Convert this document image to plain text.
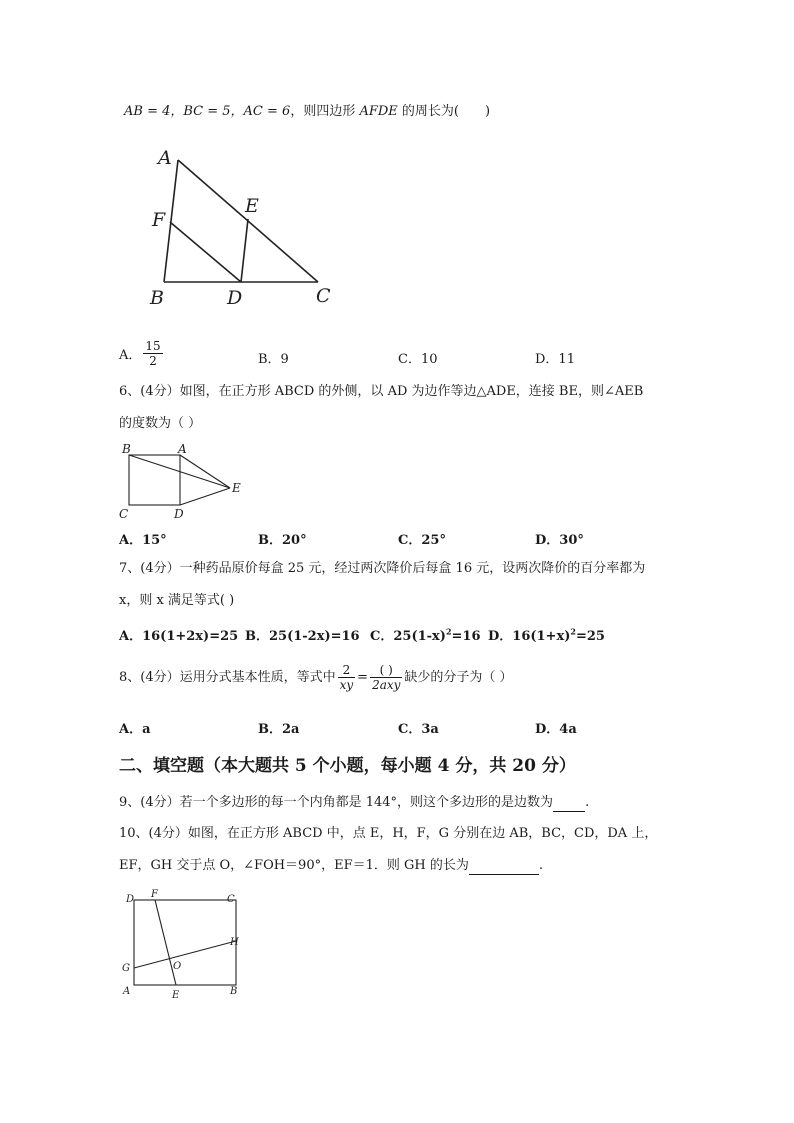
AB = 4，BC = 5，AC = 6，则四边形 AFDE 的周长为( )
A
F
E
B	D	C
A． $\frac{15}{2}$	B．9	C．10	D．11
6、(4分）如图，在正方形 ABCD 的外侧，以 AD 为边作等边△ADE，连接 BE，则∠AEB
的度数为（ ）
B	A
E
C	D
A．15°	B．20°	C．25°	D．30°
7、(4分）一种药品原价每盒 25 元，经过两次降价后每盒 16 元，设两次降价的百分率都为
x，则 x 满足等式( )
A．16(1+2x)=25 B．25(1-2x)=16 C．$25(1-x)^2=16$ D．$16(1+x)^2=25$
8、(4分）运用分式基本性质，等式中 $\frac{2}{xy} = \frac{( )}{\text{2axy}}$ 缺少的分子为（ ）
A．a	B．2a	C．3a	D．4a
二、填空题（本大题共 5 个小题，每小题 4 分，共 20 分）
9、(4分）若一个多边形的每一个内角都是 144°，则这个多边形的是边数为 .
10、(4分）如图，在正方形 ABCD 中，点 E，H，F，G 分别在边 AB，BC，CD，DA 上，
EF，GH 交于点 O，∠FOH＝90°，EF＝1．则 GH 的长为	.
D F	C
H
G	O
A	E	B
